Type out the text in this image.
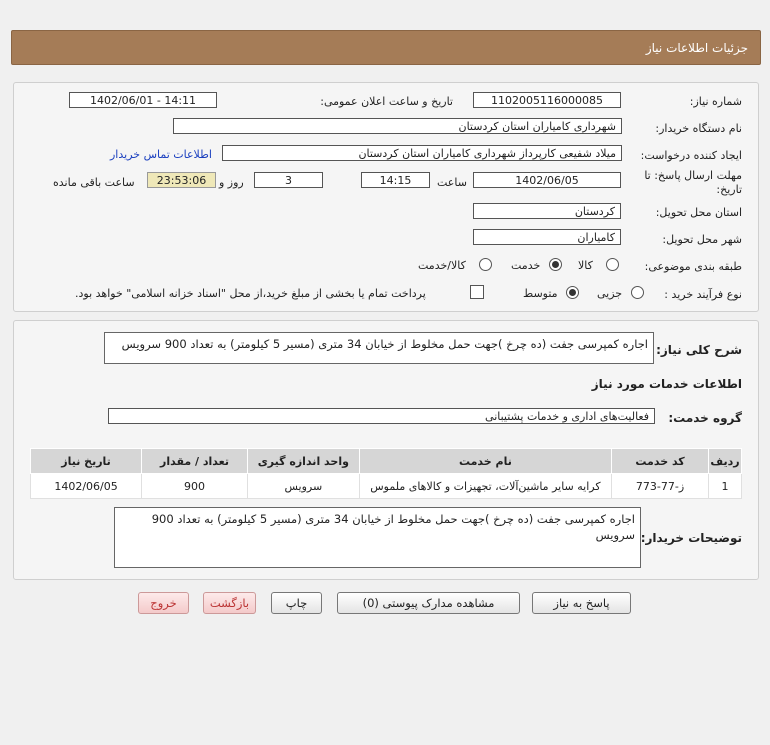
جزئیات اطلاعات نیاز
شماره نیاز:
1102005116000085
تاریخ و ساعت اعلان عمومی:
1402/06/01 - 14:11
نام دستگاه خریدار:
شهرداری کامیاران استان کردستان
ایجاد کننده درخواست:
میلاد شفیعی کارپرداز شهرداری کامیاران استان کردستان
اطلاعات تماس خریدار
مهلت ارسال پاسخ: تا
تاریخ:
1402/06/05
ساعت
14:15
3
روز و
23:53:06
ساعت باقی مانده
استان محل تحویل:
کردستان
شهر محل تحویل:
کامیاران
طبقه بندی موضوعی:
کالا
خدمت
کالا/خدمت
نوع فرآیند خرید :
جزیی
متوسط
پرداخت تمام یا بخشی از مبلغ خرید،از محل "اسناد خزانه اسلامی" خواهد بود.
شرح کلی نیاز:
اجاره کمپرسی جفت (ده چرخ )جهت حمل مخلوط از خیابان 34 متری (مسیر 5 کیلومتر) به تعداد 900 سرویس
اطلاعات خدمات مورد نیاز
گروه خدمت:
فعالیت‌های اداری و خدمات پشتیبانی
ردیف	کد خدمت	نام خدمت	واحد اندازه گیری	تعداد / مقدار	تاریخ نیاز
1	ز-77-773	کرایه سایر ماشین‌آلات، تجهیزات و کالاهای ملموس	سرویس	900	1402/06/05
توضیحات خریدار:
اجاره کمپرسی جفت (ده چرخ )جهت حمل مخلوط از خیابان 34 متری (مسیر 5 کیلومتر) به تعداد 900 سرویس
پاسخ به نیاز
مشاهده مدارک پیوستی (0)
چاپ
بازگشت
خروج
